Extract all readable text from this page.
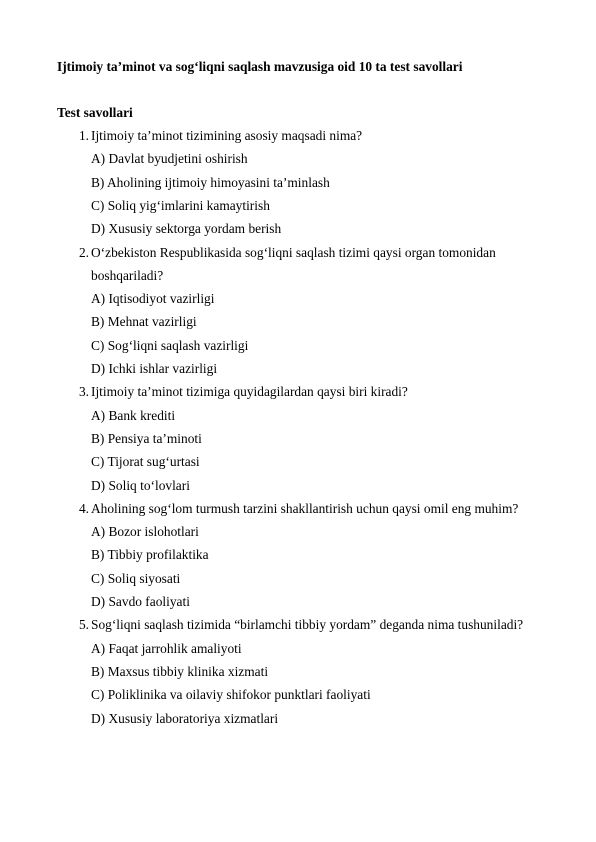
Ijtimoiy ta’minot va sog‘liqni saqlash mavzusiga oid 10 ta test savollari
Test savollari
1. Ijtimoiy ta’minot tizimining asosiy maqsadi nima?
A) Davlat byudjetini oshirish
B) Aholining ijtimoiy himoyasini ta’minlash
C) Soliq yig‘imlarini kamaytirish
D) Xususiy sektorga yordam berish
2. O‘zbekiston Respublikasida sog‘liqni saqlash tizimi qaysi organ tomonidan
boshqariladi?
A) Iqtisodiyot vazirligi
B) Mehnat vazirligi
C) Sog‘liqni saqlash vazirligi
D) Ichki ishlar vazirligi
3. Ijtimoiy ta’minot tizimiga quyidagilardan qaysi biri kiradi?
A) Bank krediti
B) Pensiya ta’minoti
C) Tijorat sug‘urtasi
D) Soliq to‘lovlari
4. Aholining sog‘lom turmush tarzini shakllantirish uchun qaysi omil eng muhim?
A) Bozor islohotlari
B) Tibbiy profilaktika
C) Soliq siyosati
D) Savdo faoliyati
5. Sog‘liqni saqlash tizimida “birlamchi tibbiy yordam” deganda nima tushuniladi?
A) Faqat jarrohlik amaliyoti
B) Maxsus tibbiy klinika xizmati
C) Poliklinika va oilaviy shifokor punktlari faoliyati
D) Xususiy laboratoriya xizmatlari
